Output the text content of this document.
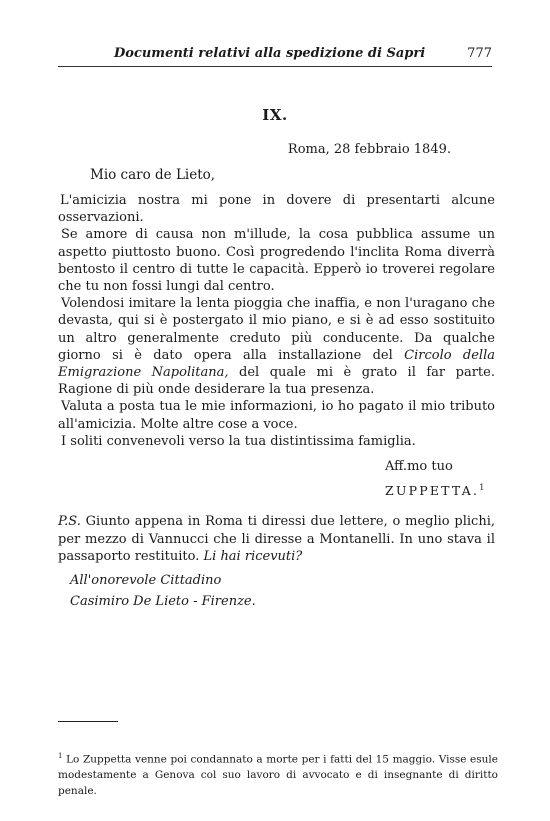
Documenti relativi alla spedizione di Sapri	777
IX.
Roma, 28 febbraio 1849.
Mio caro de Lieto,

L'amicizia nostra mi pone in dovere di presentarti alcune osservazioni.

Se amore di causa non m'illude, la cosa pubblica assume un aspetto piuttosto buono. Così progredendo l'inclita Roma diverrà bentosto il centro di tutte le capacità. Epperò io troverei regolare che tu non fossi lungi dal centro.

Volendosi imitare la lenta pioggia che inaffia, e non l'uragano che devasta, qui si è postergato il mio piano, e si è ad esso sostituito un altro generalmente creduto più conducente. Da qualche giorno si è dato opera alla installazione del Circolo della Emigrazione Napolitana, del quale mi è grato il far parte. Ragione di più onde desiderare la tua presenza.

Valuta a posta tua le mie informazioni, io ho pagato il mio tributo all'amicizia. Molte altre cose a voce.

I soliti convenevoli verso la tua distintissima famiglia.

Aff.mo tuo
ZUPPETTA.$^1$
P.S. Giunto appena in Roma ti diressi due lettere, o meglio plichi, per mezzo di Vannucci che li diresse a Montanelli. In uno stava il passaporto restituito. Li hai ricevuti?
All'onorevole Cittadino
Casimiro De Lieto - Firenze.
$^1$ Lo Zuppetta venne poi condannato a morte per i fatti del 15 maggio. Visse esule modestamente a Genova col suo lavoro di avvocato e di insegnante di diritto penale.
